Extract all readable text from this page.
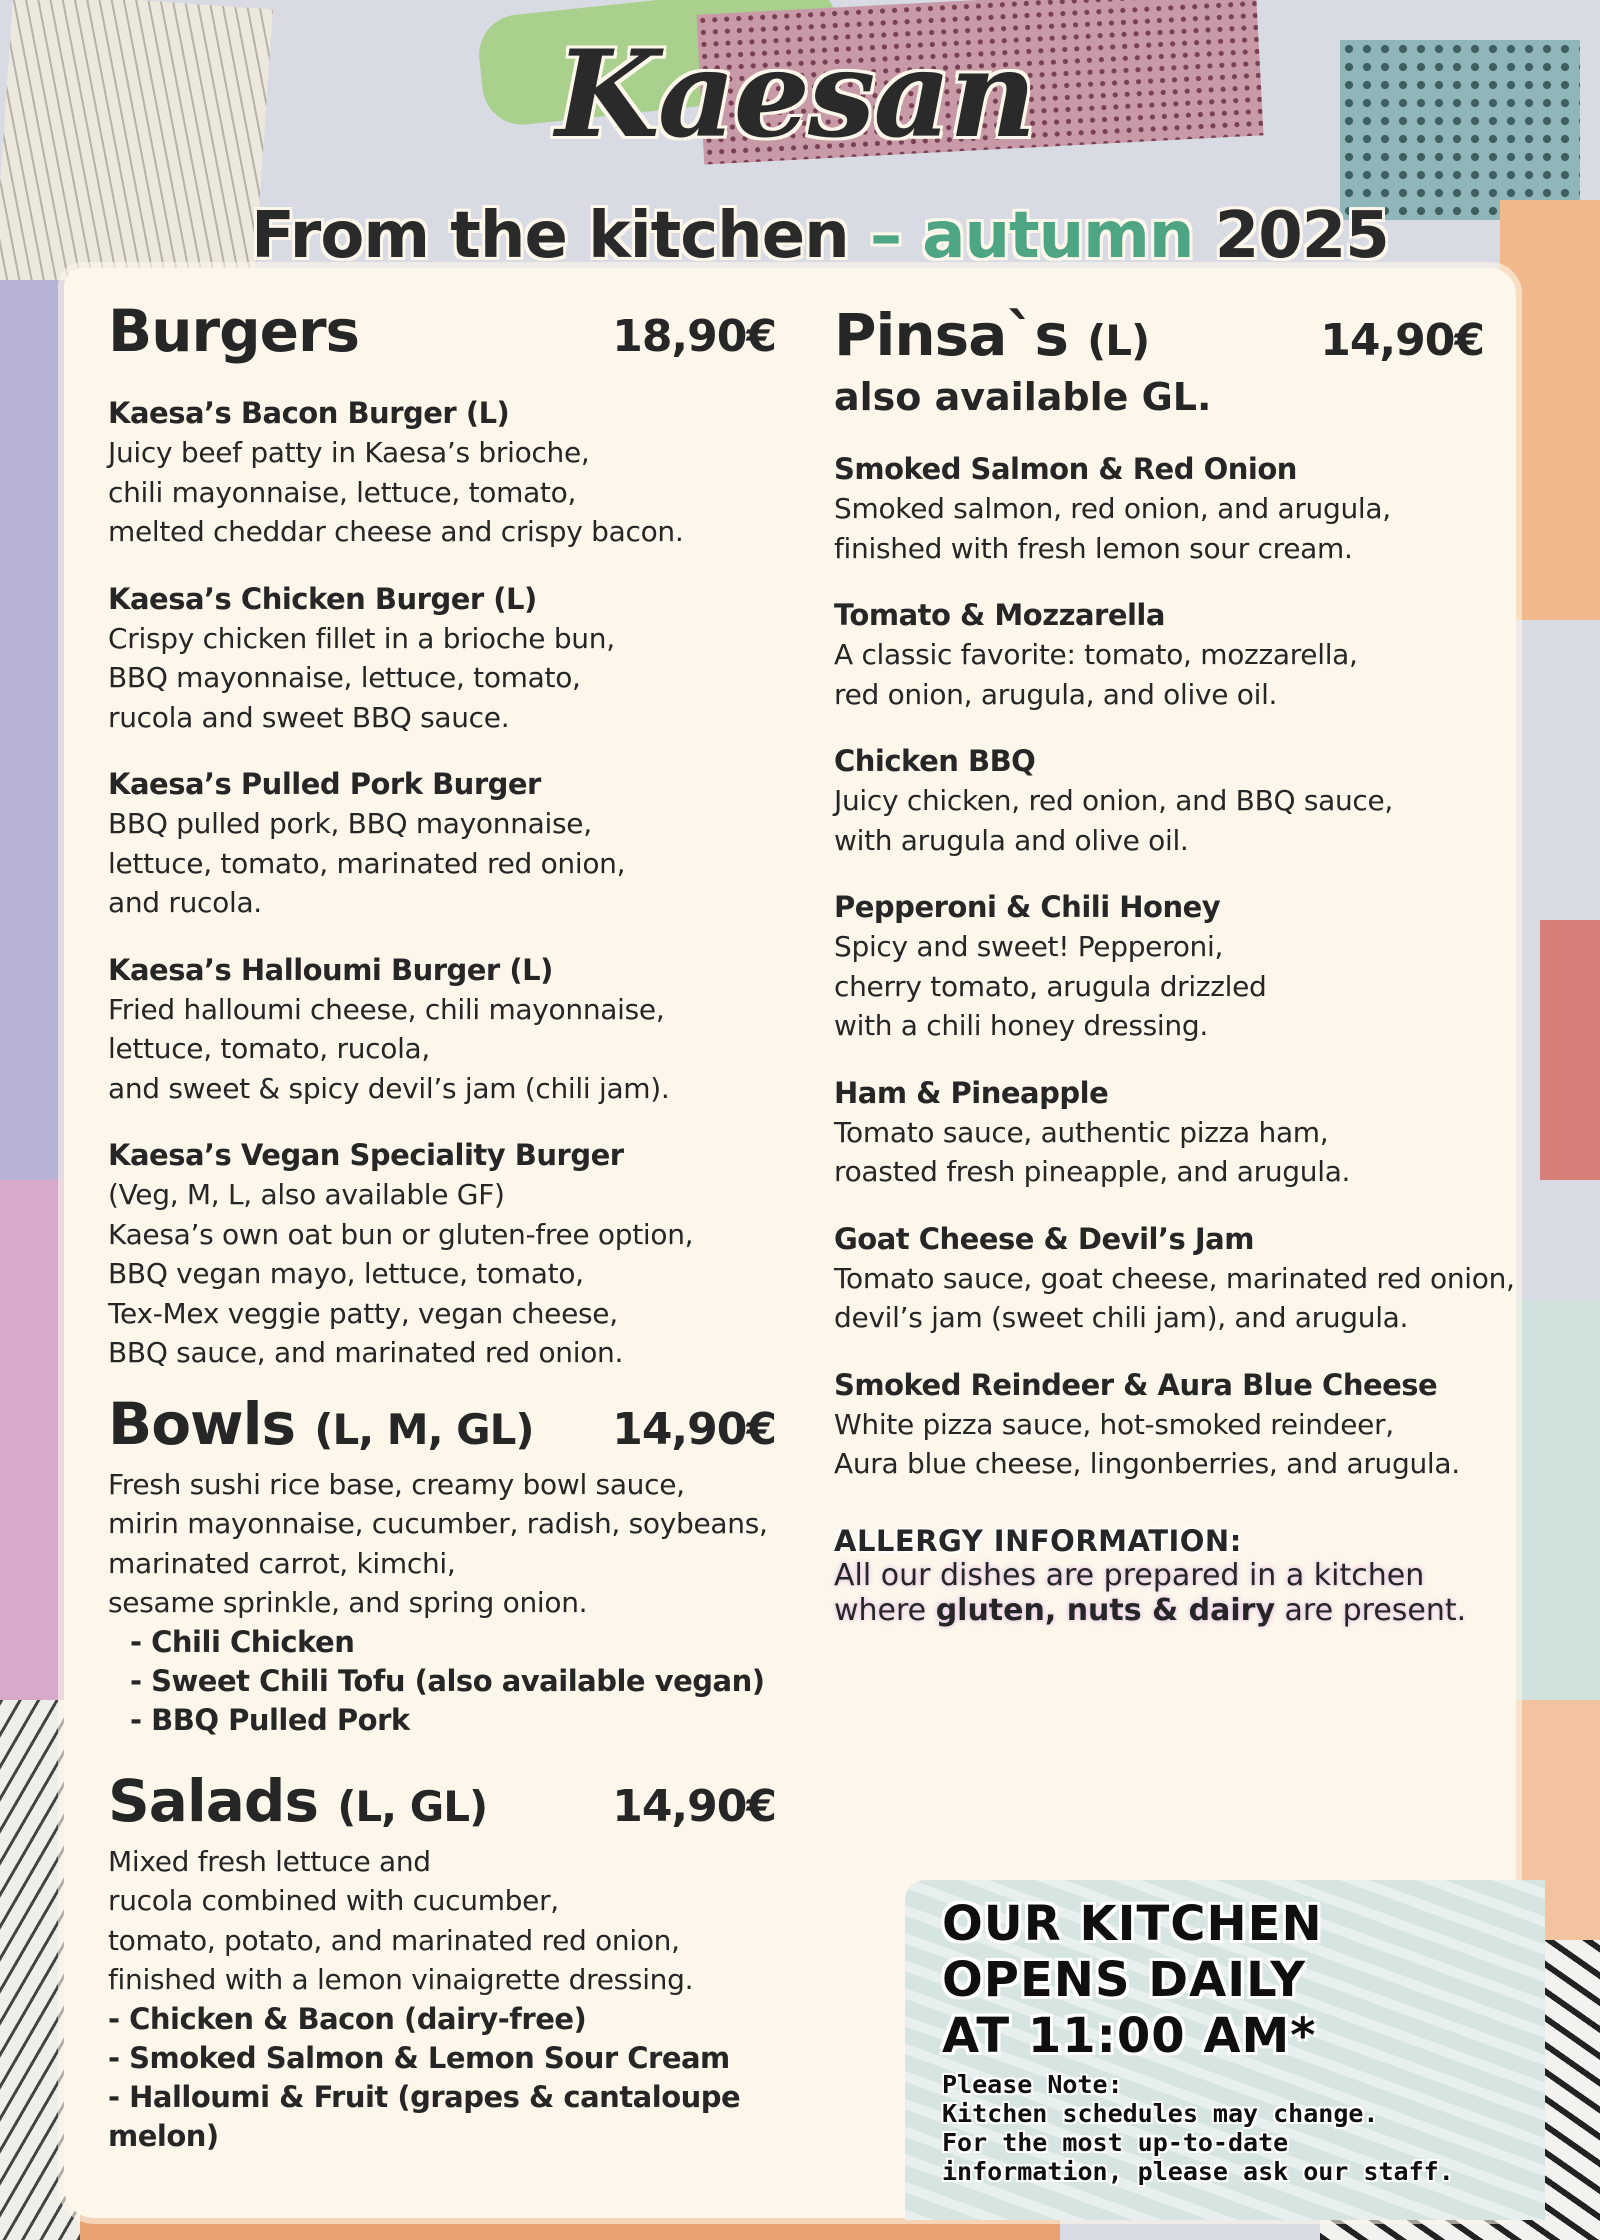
Kaesan
From the kitchen – autumn 2025
Burgers	18,90€
Kaesa’s Bacon Burger (L)
Juicy beef patty in Kaesa’s brioche,
chili mayonnaise, lettuce, tomato,
melted cheddar cheese and crispy bacon.
Kaesa’s Chicken Burger (L)
Crispy chicken fillet in a brioche bun,
BBQ mayonnaise, lettuce, tomato,
rucola and sweet BBQ sauce.
Kaesa’s Pulled Pork Burger
BBQ pulled pork, BBQ mayonnaise,
lettuce, tomato, marinated red onion,
and rucola.
Kaesa’s Halloumi Burger (L)
Fried halloumi cheese, chili mayonnaise,
lettuce, tomato, rucola,
and sweet & spicy devil’s jam (chili jam).
Kaesa’s Vegan Speciality Burger
(Veg, M, L, also available GF)
Kaesa’s own oat bun or gluten-free option,
BBQ vegan mayo, lettuce, tomato,
Tex-Mex veggie patty, vegan cheese,
BBQ sauce, and marinated red onion.
Bowls (L, M, GL) 14,90€
Fresh sushi rice base, creamy bowl sauce,
mirin mayonnaise, cucumber, radish, soybeans,
marinated carrot, kimchi,
sesame sprinkle, and spring onion.
- Chili Chicken
- Sweet Chili Tofu (also available vegan)
- BBQ Pulled Pork
Salads (L, GL)	14,90€
Mixed fresh lettuce and
rucola combined with cucumber,
tomato, potato, and marinated red onion,
finished with a lemon vinaigrette dressing.
- Chicken & Bacon (dairy-free)
- Smoked Salmon & Lemon Sour Cream
- Halloumi & Fruit (grapes & cantaloupe melon)
Pinsa`s (L)	14,90€
also available GL.
Smoked Salmon & Red Onion
Smoked salmon, red onion, and arugula,
finished with fresh lemon sour cream.
Tomato & Mozzarella
A classic favorite: tomato, mozzarella,
red onion, arugula, and olive oil.
Chicken BBQ
Juicy chicken, red onion, and BBQ sauce,
with arugula and olive oil.
Pepperoni & Chili Honey
Spicy and sweet! Pepperoni,
cherry tomato, arugula drizzled
with a chili honey dressing.
Ham & Pineapple
Tomato sauce, authentic pizza ham,
roasted fresh pineapple, and arugula.
Goat Cheese & Devil’s Jam
Tomato sauce, goat cheese, marinated red onion,
devil’s jam (sweet chili jam), and arugula.
Smoked Reindeer & Aura Blue Cheese
White pizza sauce, hot-smoked reindeer,
Aura blue cheese, lingonberries, and arugula.
ALLERGY INFORMATION:
All our dishes are prepared in a kitchen
where gluten, nuts & dairy are present.
OUR KITCHEN
OPENS DAILY
AT 11:00 AM*
Please Note:
Kitchen schedules may change.
For the most up-to-date
information, please ask our staff.
